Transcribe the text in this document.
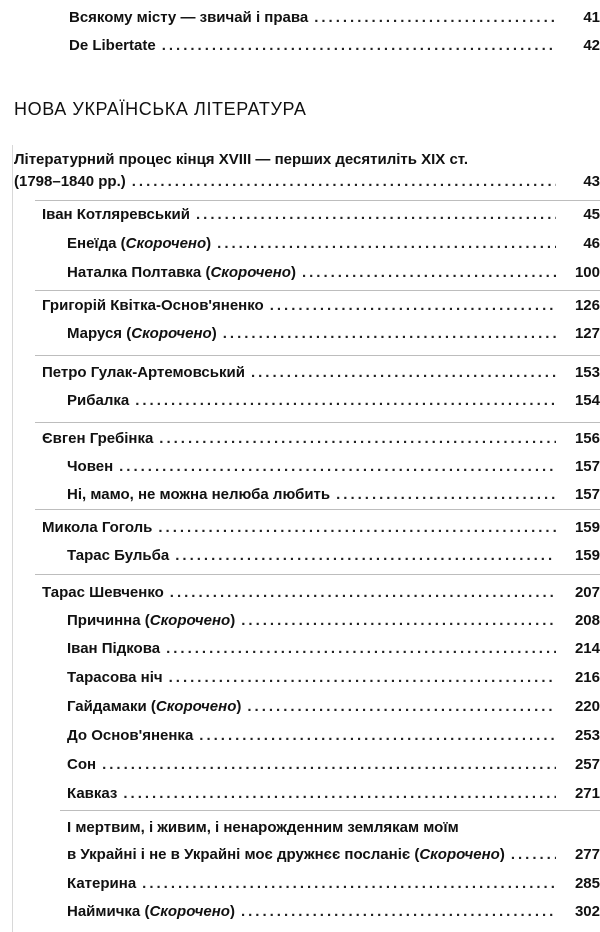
Всякому місту — звичай і права .....	41
De Libertate .....	42
НОВА УКРАЇНСЬКА ЛІТЕРАТУРА
Літературний процес кінця XVIII — перших десятиліть XIX ст.
(1798–1840 рр.) .....	43
Іван Котляревський .....	45
Енеїда (Скорочено) .....	46
Наталка Полтавка (Скорочено) .....	100
Григорій Квітка-Основ'яненко .....	126
Маруся (Скорочено) .....	127
Петро Гулак-Артемовський .....	153
Рибалка .....	154
Євген Гребінка .....	156
Човен .....	157
Ні, мамо, не можна нелюба любить .....	157
Микола Гоголь .....	159
Тарас Бульба .....	159
Тарас Шевченко .....	207
Причинна (Скорочено) .....	208
Іван Підкова .....	214
Тарасова ніч .....	216
Гайдамаки (Скорочено) .....	220
До Основ'яненка .....	253
Сон .....	257
Кавказ .....	271
І мертвим, і живим, і ненарожденним землякам моїм
в Украйні і не в Украйні моє дружнєє посланіє (Скорочено) .....	277
Катерина .....	285
Наймичка (Скорочено) .....	302
